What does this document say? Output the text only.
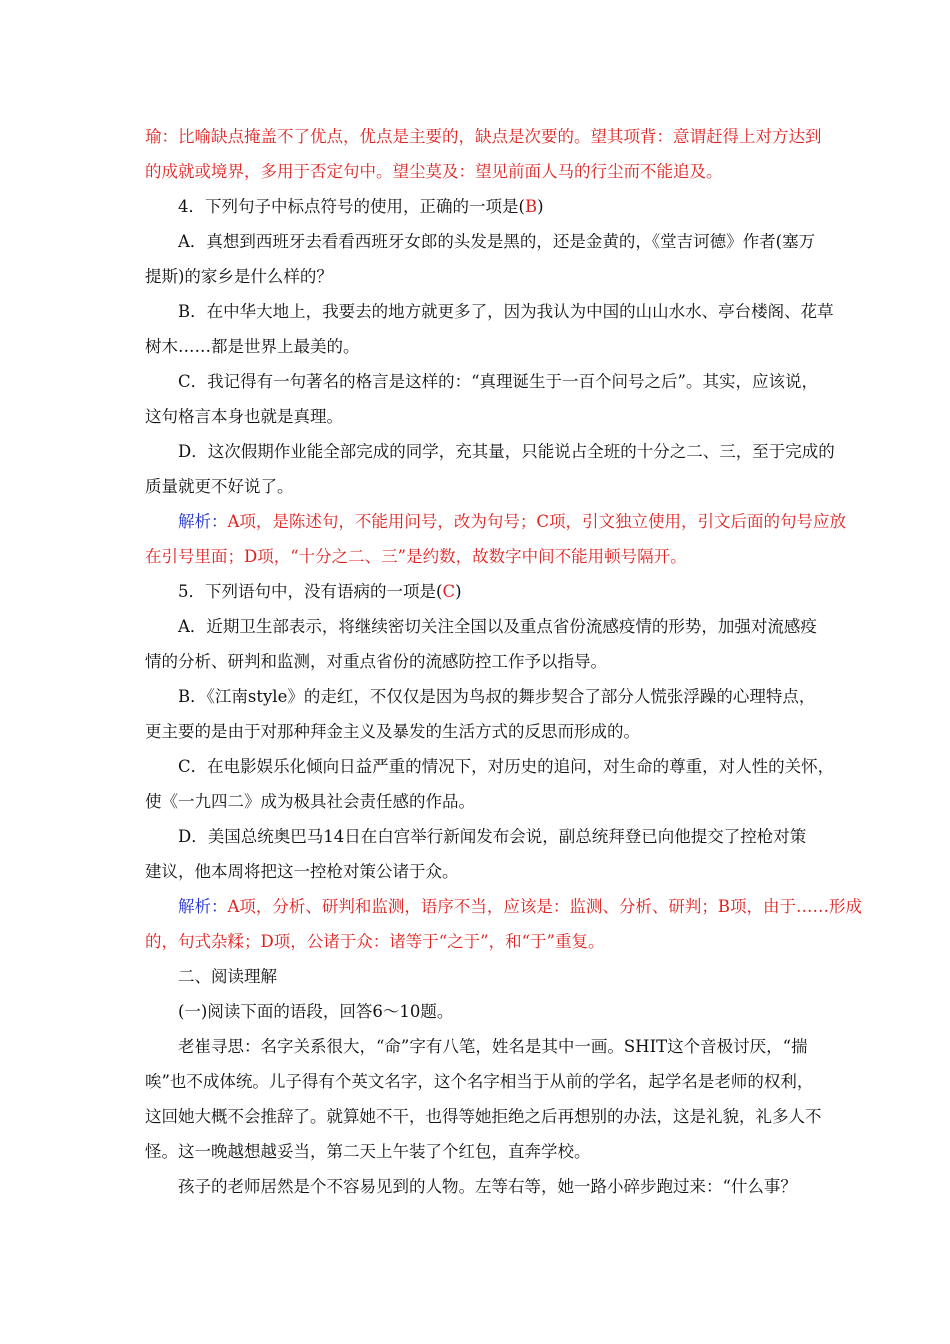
瑜：比喻缺点掩盖不了优点，优点是主要的，缺点是次要的。望其项背：意谓赶得上对方达到
的成就或境界，多用于否定句中。望尘莫及：望见前面人马的行尘而不能追及。
4．下列句子中标点符号的使用，正确的一项是(B)
A．真想到西班牙去看看西班牙女郎的头发是黑的，还是金黄的，《堂吉诃德》作者(塞万
提斯)的家乡是什么样的？
B．在中华大地上，我要去的地方就更多了，因为我认为中国的山山水水、亭台楼阁、花草
树木……都是世界上最美的。
C．我记得有一句著名的格言是这样的：“真理诞生于一百个问号之后”。其实，应该说，
这句格言本身也就是真理。
D．这次假期作业能全部完成的同学，充其量，只能说占全班的十分之二、三，至于完成的
质量就更不好说了。
解析：A项，是陈述句，不能用问号，改为句号；C项，引文独立使用，引文后面的句号应放
在引号里面；D项，“十分之二、三”是约数，故数字中间不能用顿号隔开。
5．下列语句中，没有语病的一项是(C)
A．近期卫生部表示，将继续密切关注全国以及重点省份流感疫情的形势，加强对流感疫
情的分析、研判和监测，对重点省份的流感防控工作予以指导。
B．《江南style》的走红，不仅仅是因为鸟叔的舞步契合了部分人慌张浮躁的心理特点，
更主要的是由于对那种拜金主义及暴发的生活方式的反思而形成的。
C．在电影娱乐化倾向日益严重的情况下，对历史的追问，对生命的尊重，对人性的关怀，
使《一九四二》成为极具社会责任感的作品。
D．美国总统奥巴马14日在白宫举行新闻发布会说，副总统拜登已向他提交了控枪对策
建议，他本周将把这一控枪对策公诸于众。
解析：A项，分析、研判和监测，语序不当，应该是：监测、分析、研判；B项，由于……形成
的，句式杂糅；D项，公诸于众：诸等于“之于”，和“于”重复。
二、阅读理解
(一)阅读下面的语段，回答6～10题。
老崔寻思：名字关系很大，“命”字有八笔，姓名是其中一画。SHIT这个音极讨厌，“揣
唉”也不成体统。儿子得有个英文名字，这个名字相当于从前的学名，起学名是老师的权利，
这回她大概不会推辞了。就算她不干，也得等她拒绝之后再想别的办法，这是礼貌，礼多人不
怪。这一晚越想越妥当，第二天上午装了个红包，直奔学校。
孩子的老师居然是个不容易见到的人物。左等右等，她一路小碎步跑过来：“什么事？
